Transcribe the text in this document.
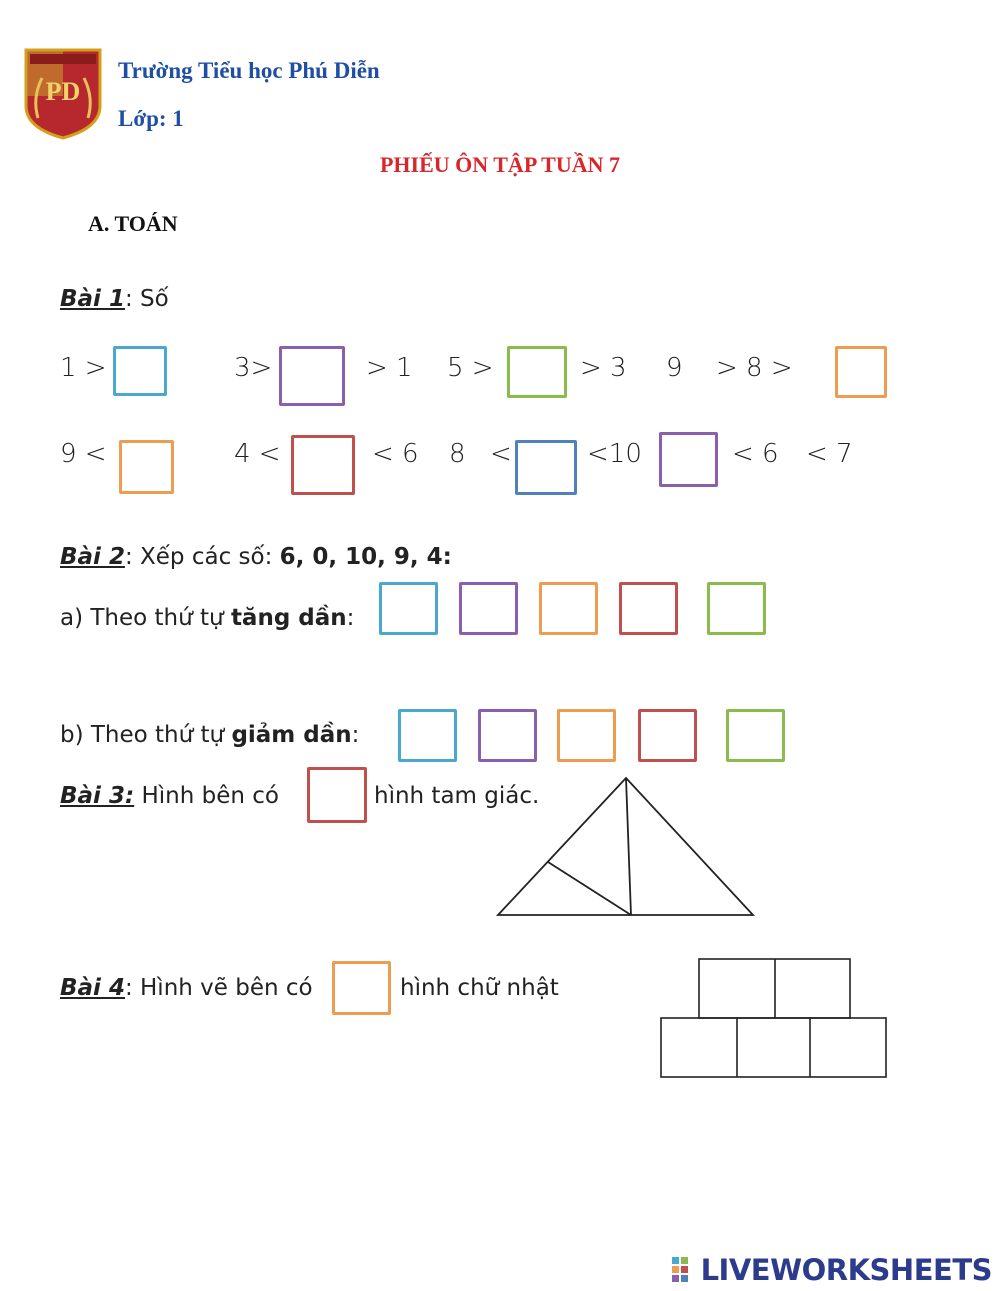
PD
Trường Tiểu học Phú Diễn
Lớp: 1
PHIẾU ÔN TẬP TUẦN 7
A. TOÁN
Bài 1: Số
1 >	3>	> 1 5 >	> 3 9 > 8 >
9 <	4 <	< 6 8 <	<10	< 6 < 7
Bài 2: Xếp các số: 6, 0, 10, 9, 4:
a) Theo thứ tự tăng dần:
b) Theo thứ tự giảm dần:
Bài 3: Hình bên có	hình tam giác.
Bài 4: Hình vẽ bên có	hình chữ nhật
LIVEWORKSHEETS
